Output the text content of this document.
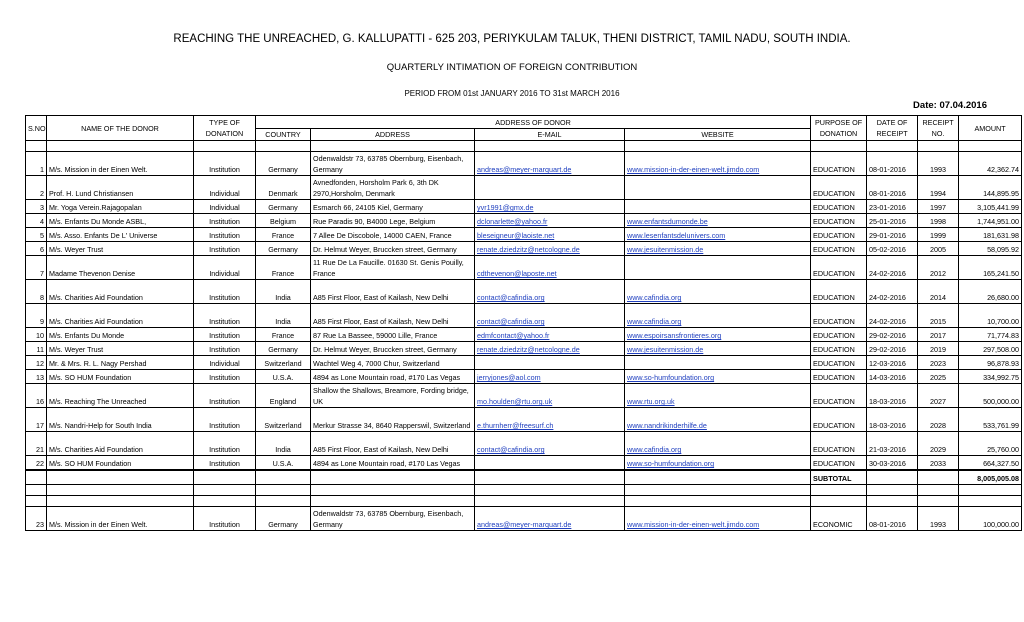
REACHING THE UNREACHED, G. KALLUPATTI - 625 203, PERIYKULAM TALUK, THENI DISTRICT, TAMIL NADU, SOUTH INDIA.
QUARTERLY INTIMATION OF FOREIGN CONTRIBUTION
PERIOD FROM 01st JANUARY 2016 TO 31st MARCH 2016
Date: 07.04.2016
S.NO	NAME OF THE DONOR	TYPE OF DONATION	ADDRESS OF DONOR				PURPOSE OF DONATION	DATE OF RECEIPT	RECEIPT NO.	AMOUNT
			COUNTRY	ADDRESS	E-MAIL	WEBSITE				

1	M/s. Mission in der Einen Welt.	Institution	Germany	Odenwaldstr 73, 63785 Obernburg, Eisenbach, Germany	andreas@meyer-marquart.de	www.mission-in-der-einen-welt.jimdo.com	EDUCATION	08-01-2016	1993	42,362.74
2	Prof. H. Lund Christiansen	Individual	Denmark	Avnedfonden, Horsholm Park 6, 3th DK 2970,Horsholm, Denmark			EDUCATION	08-01-2016	1994	144,895.95
3	Mr. Yoga Verein.Rajagopalan	Individual	Germany	Esmarch 66, 24105 Kiel, Germany	yvr1991@gmx.de		EDUCATION	23-01-2016	1997	3,105,441.99
4	M/s. Enfants Du Monde ASBL,	Institution	Belgium	Rue Paradis 90, B4000 Lege, Belgium	dclonarlette@yahoo.fr	www.enfantsdumonde.be	EDUCATION	25-01-2016	1998	1,744,951.00
5	M/s. Asso. Enfants De L' Universe	Institution	France	7 Allee De Discobole, 14000 CAEN, France	bleseigneur@laoiste.net	www.lesenfantsdelunivers.com	EDUCATION	29-01-2016	1999	181,631.98
6	M/s. Weyer Trust	Institution	Germany	Dr. Helmut Weyer, Bruccken street, Germany	renate.dziedzitz@netcologne.de	www.jesuitenmission.de	EDUCATION	05-02-2016	2005	58,095.92
7	Madame Thevenon Denise	Individual	France	11 Rue De La Faucille. 01630 St. Genis Pouilly, France	cdthevenon@laposte.net		EDUCATION	24-02-2016	2012	165,241.50
8	M/s. Charities Aid Foundation	Institution	India	A85 First Floor, East of Kailash, New Delhi	contact@cafindia.org	www.cafindia.org	EDUCATION	24-02-2016	2014	26,680.00
9	M/s. Charities Aid Foundation	Institution	India	A85 First Floor, East of Kailash, New Delhi	contact@cafindia.org	www.cafindia.org	EDUCATION	24-02-2016	2015	10,700.00
10	M/s. Enfants Du Monde	Institution	France	87 Rue La Bassee, 59000 Lille, France	edmfcontact@yahoo.fr	www.espoirsansfrontieres.org	EDUCATION	29-02-2016	2017	71,774.83
11	M/s. Weyer Trust	Institution	Germany	Dr. Helmut Weyer, Bruccken street, Germany	renate.dziedzitz@netcologne.de	www.jesuitenmission.de	EDUCATION	29-02-2016	2019	297,508.00
12	Mr. & Mrs. R. L. Nagy Pershad	Individual	Switzerland	Wachtel Weg 4, 7000 Chur, Switzerland			EDUCATION	12-03-2016	2023	96,878.93
13	M/s. SO HUM Foundation	Institution	U.S.A.	4894 as Lone Mountain road, #170 Las Vegas	jerryjones@aol.com	www.so-humfoundation.org	EDUCATION	14-03-2016	2025	334,992.75
16	M/s. Reaching The Unreached	Institution	England	Shallow the Shallows, Breamore, Fording bridge, UK	mo.houlden@rtu.org.uk	www.rtu.org.uk	EDUCATION	18-03-2016	2027	500,000.00
17	M/s. Nandri-Help for South India	Institution	Switzerland	Merkur Strasse 34, 8640 Rapperswil, Switzerland	e.thurnherr@freesurf.ch	www.nandrikinderhilfe.de	EDUCATION	18-03-2016	2028	533,761.99
21	M/s. Charities Aid Foundation	Institution	India	A85 First Floor, East of Kailash, New Delhi	contact@cafindia.org	www.cafindia.org	EDUCATION	21-03-2016	2029	25,760.00
22	M/s. SO HUM Foundation	Institution	U.S.A.	4894 as Lone Mountain road, #170 Las Vegas		www.so-humfoundation.org	EDUCATION	30-03-2016	2033	664,327.50
							SUBTOTAL			8,005,005.08

23	M/s. Mission in der Einen Welt.	Institution	Germany	Odenwaldstr 73, 63785 Obernburg, Eisenbach, Germany	andreas@meyer-marquart.de	www.mission-in-der-einen-welt.jimdo.com	ECONOMIC	08-01-2016	1993	100,000.00
